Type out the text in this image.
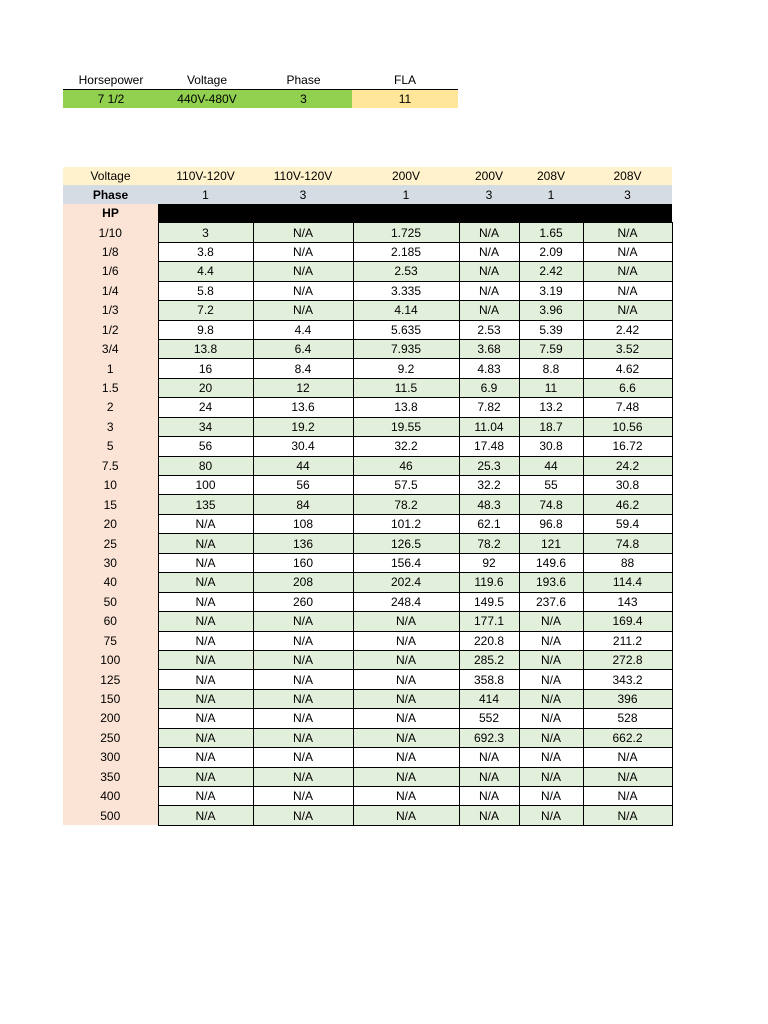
Horsepower	Voltage	Phase	FLA
7 1/2	440V-480V	3	11
Voltage	110V-120V	110V-120V	200V	200V	208V	208V
Phase	1	3	1	3	1	3
HP						
1/10	3	N/A	1.725	N/A	1.65	N/A
1/8	3.8	N/A	2.185	N/A	2.09	N/A
1/6	4.4	N/A	2.53	N/A	2.42	N/A
1/4	5.8	N/A	3.335	N/A	3.19	N/A
1/3	7.2	N/A	4.14	N/A	3.96	N/A
1/2	9.8	4.4	5.635	2.53	5.39	2.42
3/4	13.8	6.4	7.935	3.68	7.59	3.52
1	16	8.4	9.2	4.83	8.8	4.62
1.5	20	12	11.5	6.9	11	6.6
2	24	13.6	13.8	7.82	13.2	7.48
3	34	19.2	19.55	11.04	18.7	10.56
5	56	30.4	32.2	17.48	30.8	16.72
7.5	80	44	46	25.3	44	24.2
10	100	56	57.5	32.2	55	30.8
15	135	84	78.2	48.3	74.8	46.2
20	N/A	108	101.2	62.1	96.8	59.4
25	N/A	136	126.5	78.2	121	74.8
30	N/A	160	156.4	92	149.6	88
40	N/A	208	202.4	119.6	193.6	114.4
50	N/A	260	248.4	149.5	237.6	143
60	N/A	N/A	N/A	177.1	N/A	169.4
75	N/A	N/A	N/A	220.8	N/A	211.2
100	N/A	N/A	N/A	285.2	N/A	272.8
125	N/A	N/A	N/A	358.8	N/A	343.2
150	N/A	N/A	N/A	414	N/A	396
200	N/A	N/A	N/A	552	N/A	528
250	N/A	N/A	N/A	692.3	N/A	662.2
300	N/A	N/A	N/A	N/A	N/A	N/A
350	N/A	N/A	N/A	N/A	N/A	N/A
400	N/A	N/A	N/A	N/A	N/A	N/A
500	N/A	N/A	N/A	N/A	N/A	N/A
